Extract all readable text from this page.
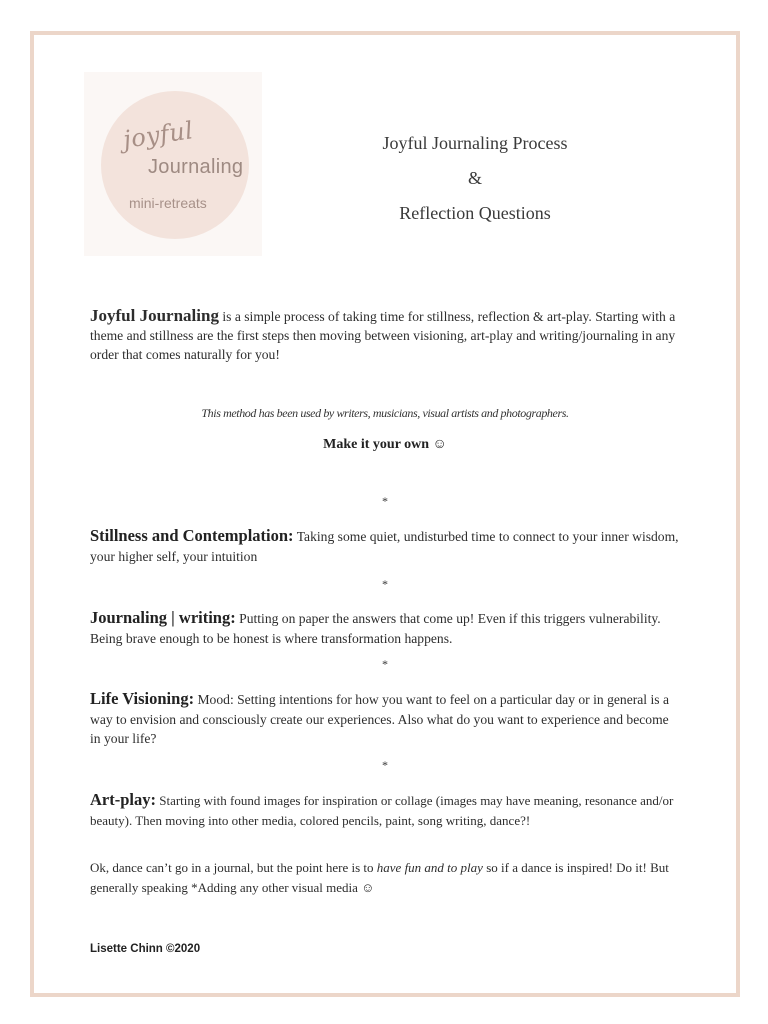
joyful
Journaling
mini-retreats
Joyful Journaling Process
&
Reflection Questions
Joyful Journaling is a simple process of taking time for stillness, reflection & art-play. Starting with a theme and stillness are the first steps then moving between visioning, art-play and writing/journaling in any order that comes naturally for you!
This method has been used by writers, musicians, visual artists and photographers.
Make it your own ☺
*
Stillness and Contemplation: Taking some quiet, undisturbed time to connect to your inner wisdom, your higher self, your intuition
*
Journaling | writing: Putting on paper the answers that come up! Even if this triggers vulnerability. Being brave enough to be honest is where transformation happens.
*
Life Visioning: Mood: Setting intentions for how you want to feel on a particular day or in general is a way to envision and consciously create our experiences. Also what do you want to experience and become in your life?
*
Art-play: Starting with found images for inspiration or collage (images may have meaning, resonance and/or beauty). Then moving into other media, colored pencils, paint, song writing, dance?!
Ok, dance can’t go in a journal, but the point here is to have fun and to play so if a dance is inspired! Do it! But generally speaking *Adding any other visual media ☺
Lisette Chinn ©2020
